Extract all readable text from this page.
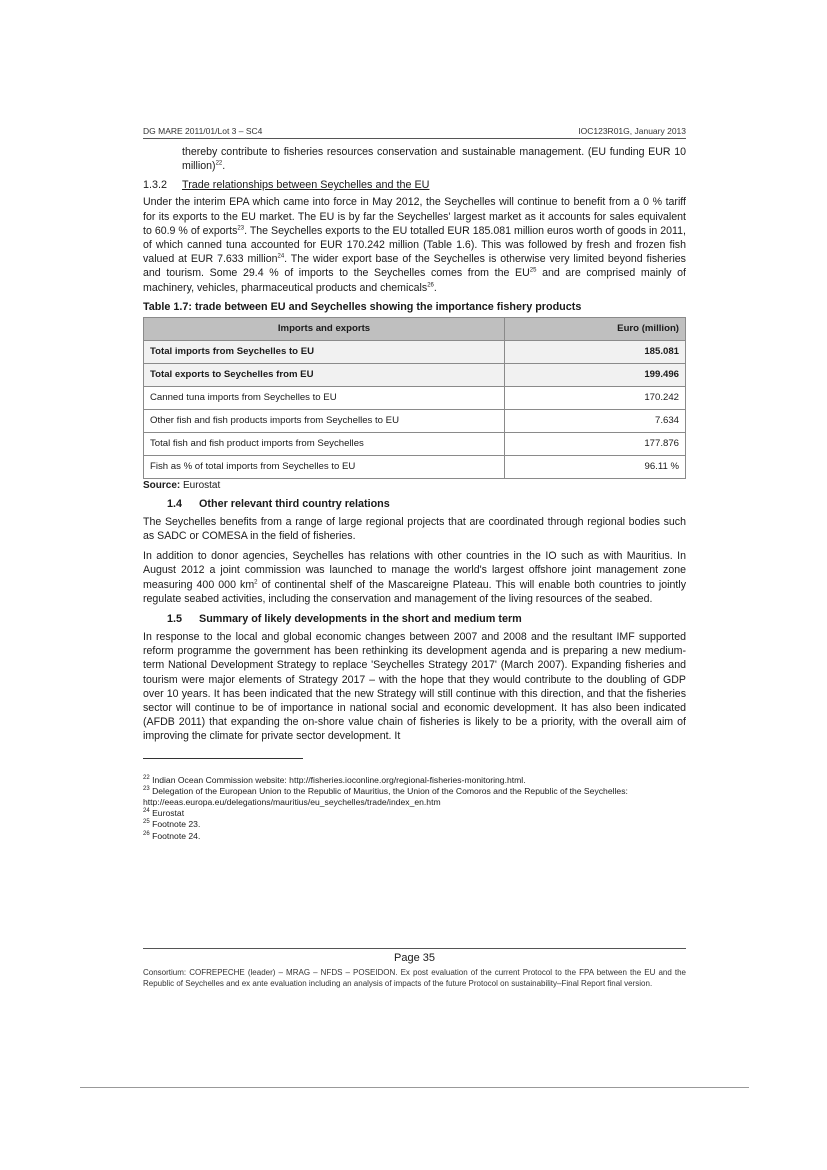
DG MARE 2011/01/Lot 3 – SC4	IOC123R01G, January 2013

thereby contribute to fisheries resources conservation and sustainable management. (EU funding EUR 10 million)$^{22}$.

1.3.2 Trade relationships between Seychelles and the EU

Under the interim EPA which came into force in May 2012, the Seychelles will continue to benefit from a 0 % tariff for its exports to the EU market. The EU is by far the Seychelles' largest market as it accounts for sales equivalent to 60.9 % of exports$^{23}$. The Seychelles exports to the EU totalled EUR 185.081 million euros worth of goods in 2011, of which canned tuna accounted for EUR 170.242 million (Table 1.6). This was followed by fresh and frozen fish valued at EUR 7.633 million$^{24}$. The wider export base of the Seychelles is otherwise very limited beyond fisheries and tourism. Some 29.4 % of imports to the Seychelles comes from the EU$^{25}$ and are comprised mainly of machinery, vehicles, pharmaceutical products and chemicals$^{26}$.

Table 1.7: trade between EU and Seychelles showing the importance fishery products
Imports and exports	Euro (million)
Total imports from Seychelles to EU	185.081
Total exports to Seychelles from EU	199.496
Canned tuna imports from Seychelles to EU	170.242
Other fish and fish products imports from Seychelles to EU	7.634
Total fish and fish product imports from Seychelles	177.876
Fish as % of total imports from Seychelles to EU	96.11 %
Source: Eurostat
1.4 Other relevant third country relations

The Seychelles benefits from a range of large regional projects that are coordinated through regional bodies such as SADC or COMESA in the field of fisheries.

In addition to donor agencies, Seychelles has relations with other countries in the IO such as with Mauritius. In August 2012 a joint commission was launched to manage the world's largest offshore joint management zone measuring 400 000 $km^2$ of continental shelf of the Mascareigne Plateau. This will enable both countries to jointly regulate seabed activities, including the conservation and management of the living resources of the seabed.

1.5 Summary of likely developments in the short and medium term

In response to the local and global economic changes between 2007 and 2008 and the resultant IMF supported reform programme the government has been rethinking its development agenda and is preparing a new medium-term National Development Strategy to replace 'Seychelles Strategy 2017' (March 2007). Expanding fisheries and tourism were major elements of Strategy 2017 – with the hope that they would contribute to the doubling of GDP over 10 years. It has been indicated that the new Strategy will still continue with this direction, and that the fisheries sector will continue to be of importance in national social and economic development. It has also been indicated (AFDB 2011) that expanding the on-shore value chain of fisheries is likely to be a priority, with the overall aim of improving the climate for private sector development. It

$^{22}$ Indian Ocean Commission website: http://fisheries.ioconline.org/regional-fisheries-monitoring.html.
$^{23}$ Delegation of the European Union to the Republic of Mauritius, the Union of the Comoros and the Republic of the Seychelles: http://eeas.europa.eu/delegations/mauritius/eu_seychelles/trade/index_en.htm
$^{24}$ Eurostat
$^{25}$ Footnote 23.
$^{26}$ Footnote 24.
Page 35
Consortium: COFREPECHE (leader) – MRAG – NFDS – POSEIDON. Ex post evaluation of the current Protocol to the FPA between the EU and the Republic of Seychelles and ex ante evaluation including an analysis of impacts of the future Protocol on sustainability–Final Report final version.
